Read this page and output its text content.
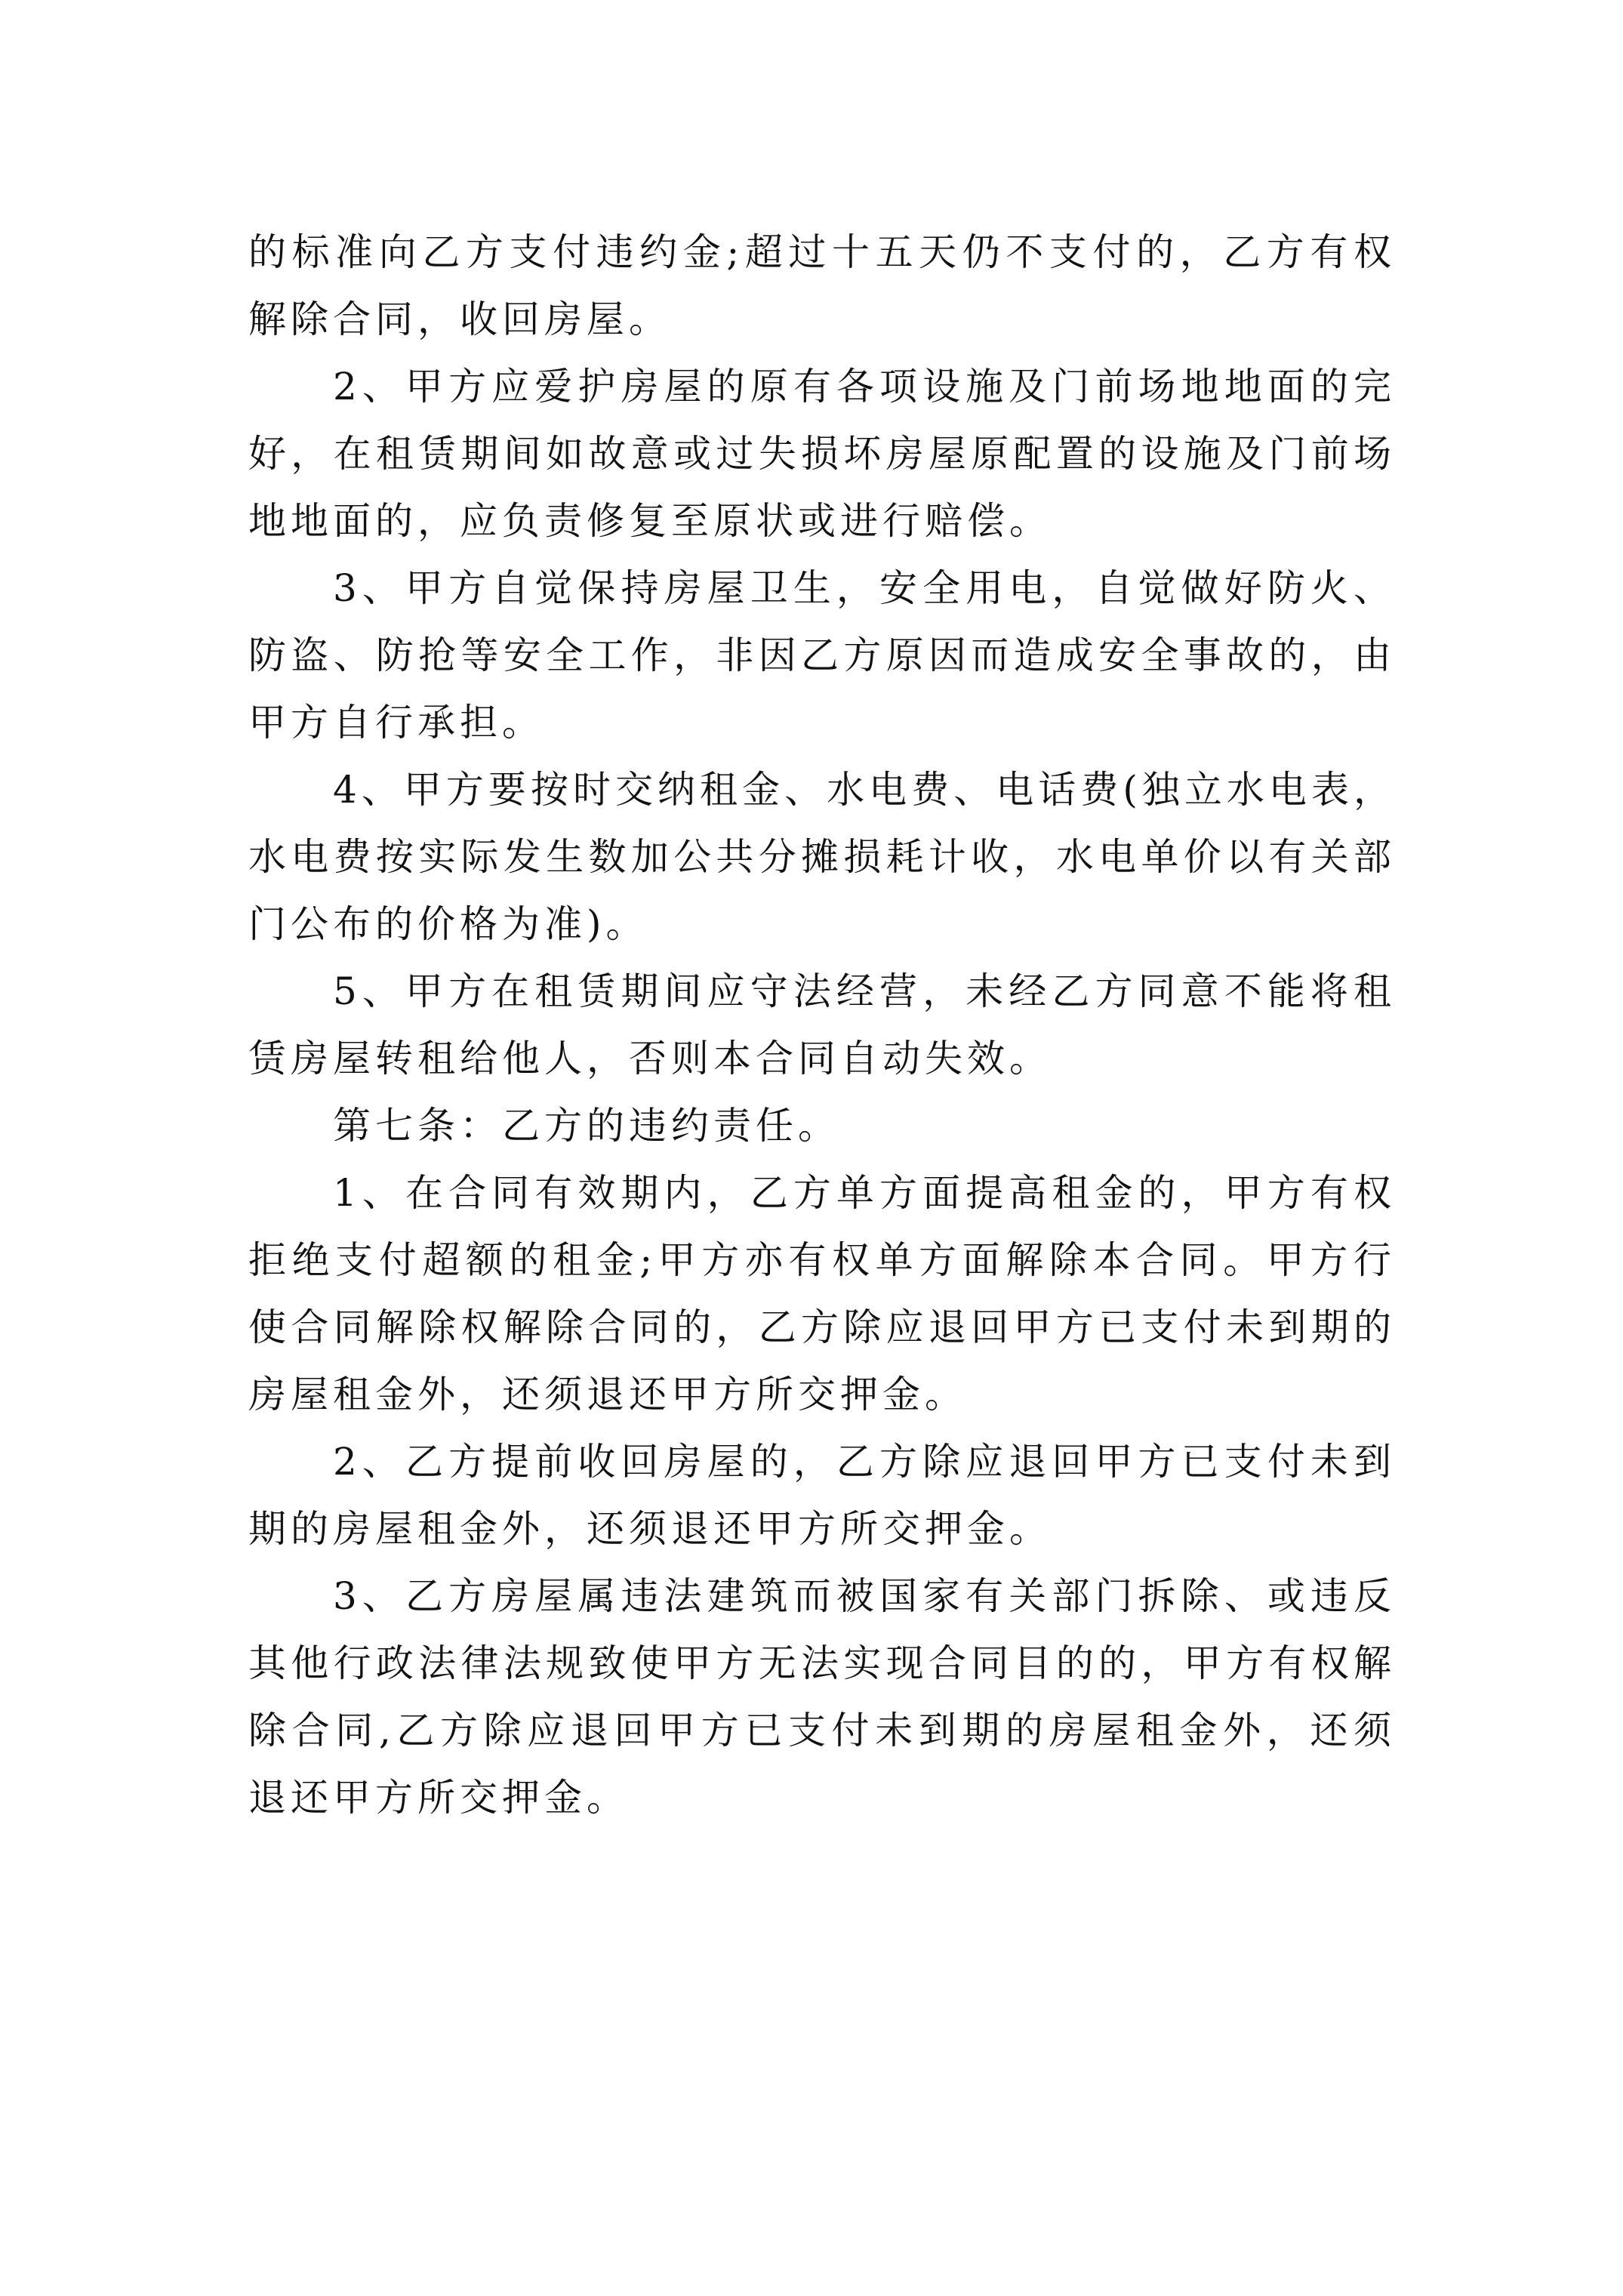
的标准向乙方支付违约金;超过十五天仍不支付的，乙方有权解除合同，收回房屋。

2、甲方应爱护房屋的原有各项设施及门前场地地面的完好，在租赁期间如故意或过失损坏房屋原配置的设施及门前场地地面的，应负责修复至原状或进行赔偿。

3、甲方自觉保持房屋卫生，安全用电，自觉做好防火、防盗、防抢等安全工作，非因乙方原因而造成安全事故的，由甲方自行承担。

4、甲方要按时交纳租金、水电费、电话费(独立水电表，水电费按实际发生数加公共分摊损耗计收，水电单价以有关部门公布的价格为准)。

5、甲方在租赁期间应守法经营，未经乙方同意不能将租赁房屋转租给他人，否则本合同自动失效。

第七条：乙方的违约责任。

1、在合同有效期内，乙方单方面提高租金的，甲方有权拒绝支付超额的租金;甲方亦有权单方面解除本合同。甲方行使合同解除权解除合同的，乙方除应退回甲方已支付未到期的房屋租金外，还须退还甲方所交押金。

2、乙方提前收回房屋的，乙方除应退回甲方已支付未到期的房屋租金外，还须退还甲方所交押金。

3、乙方房屋属违法建筑而被国家有关部门拆除、或违反其他行政法律法规致使甲方无法实现合同目的的，甲方有权解除合同,乙方除应退回甲方已支付未到期的房屋租金外，还须退还甲方所交押金。
